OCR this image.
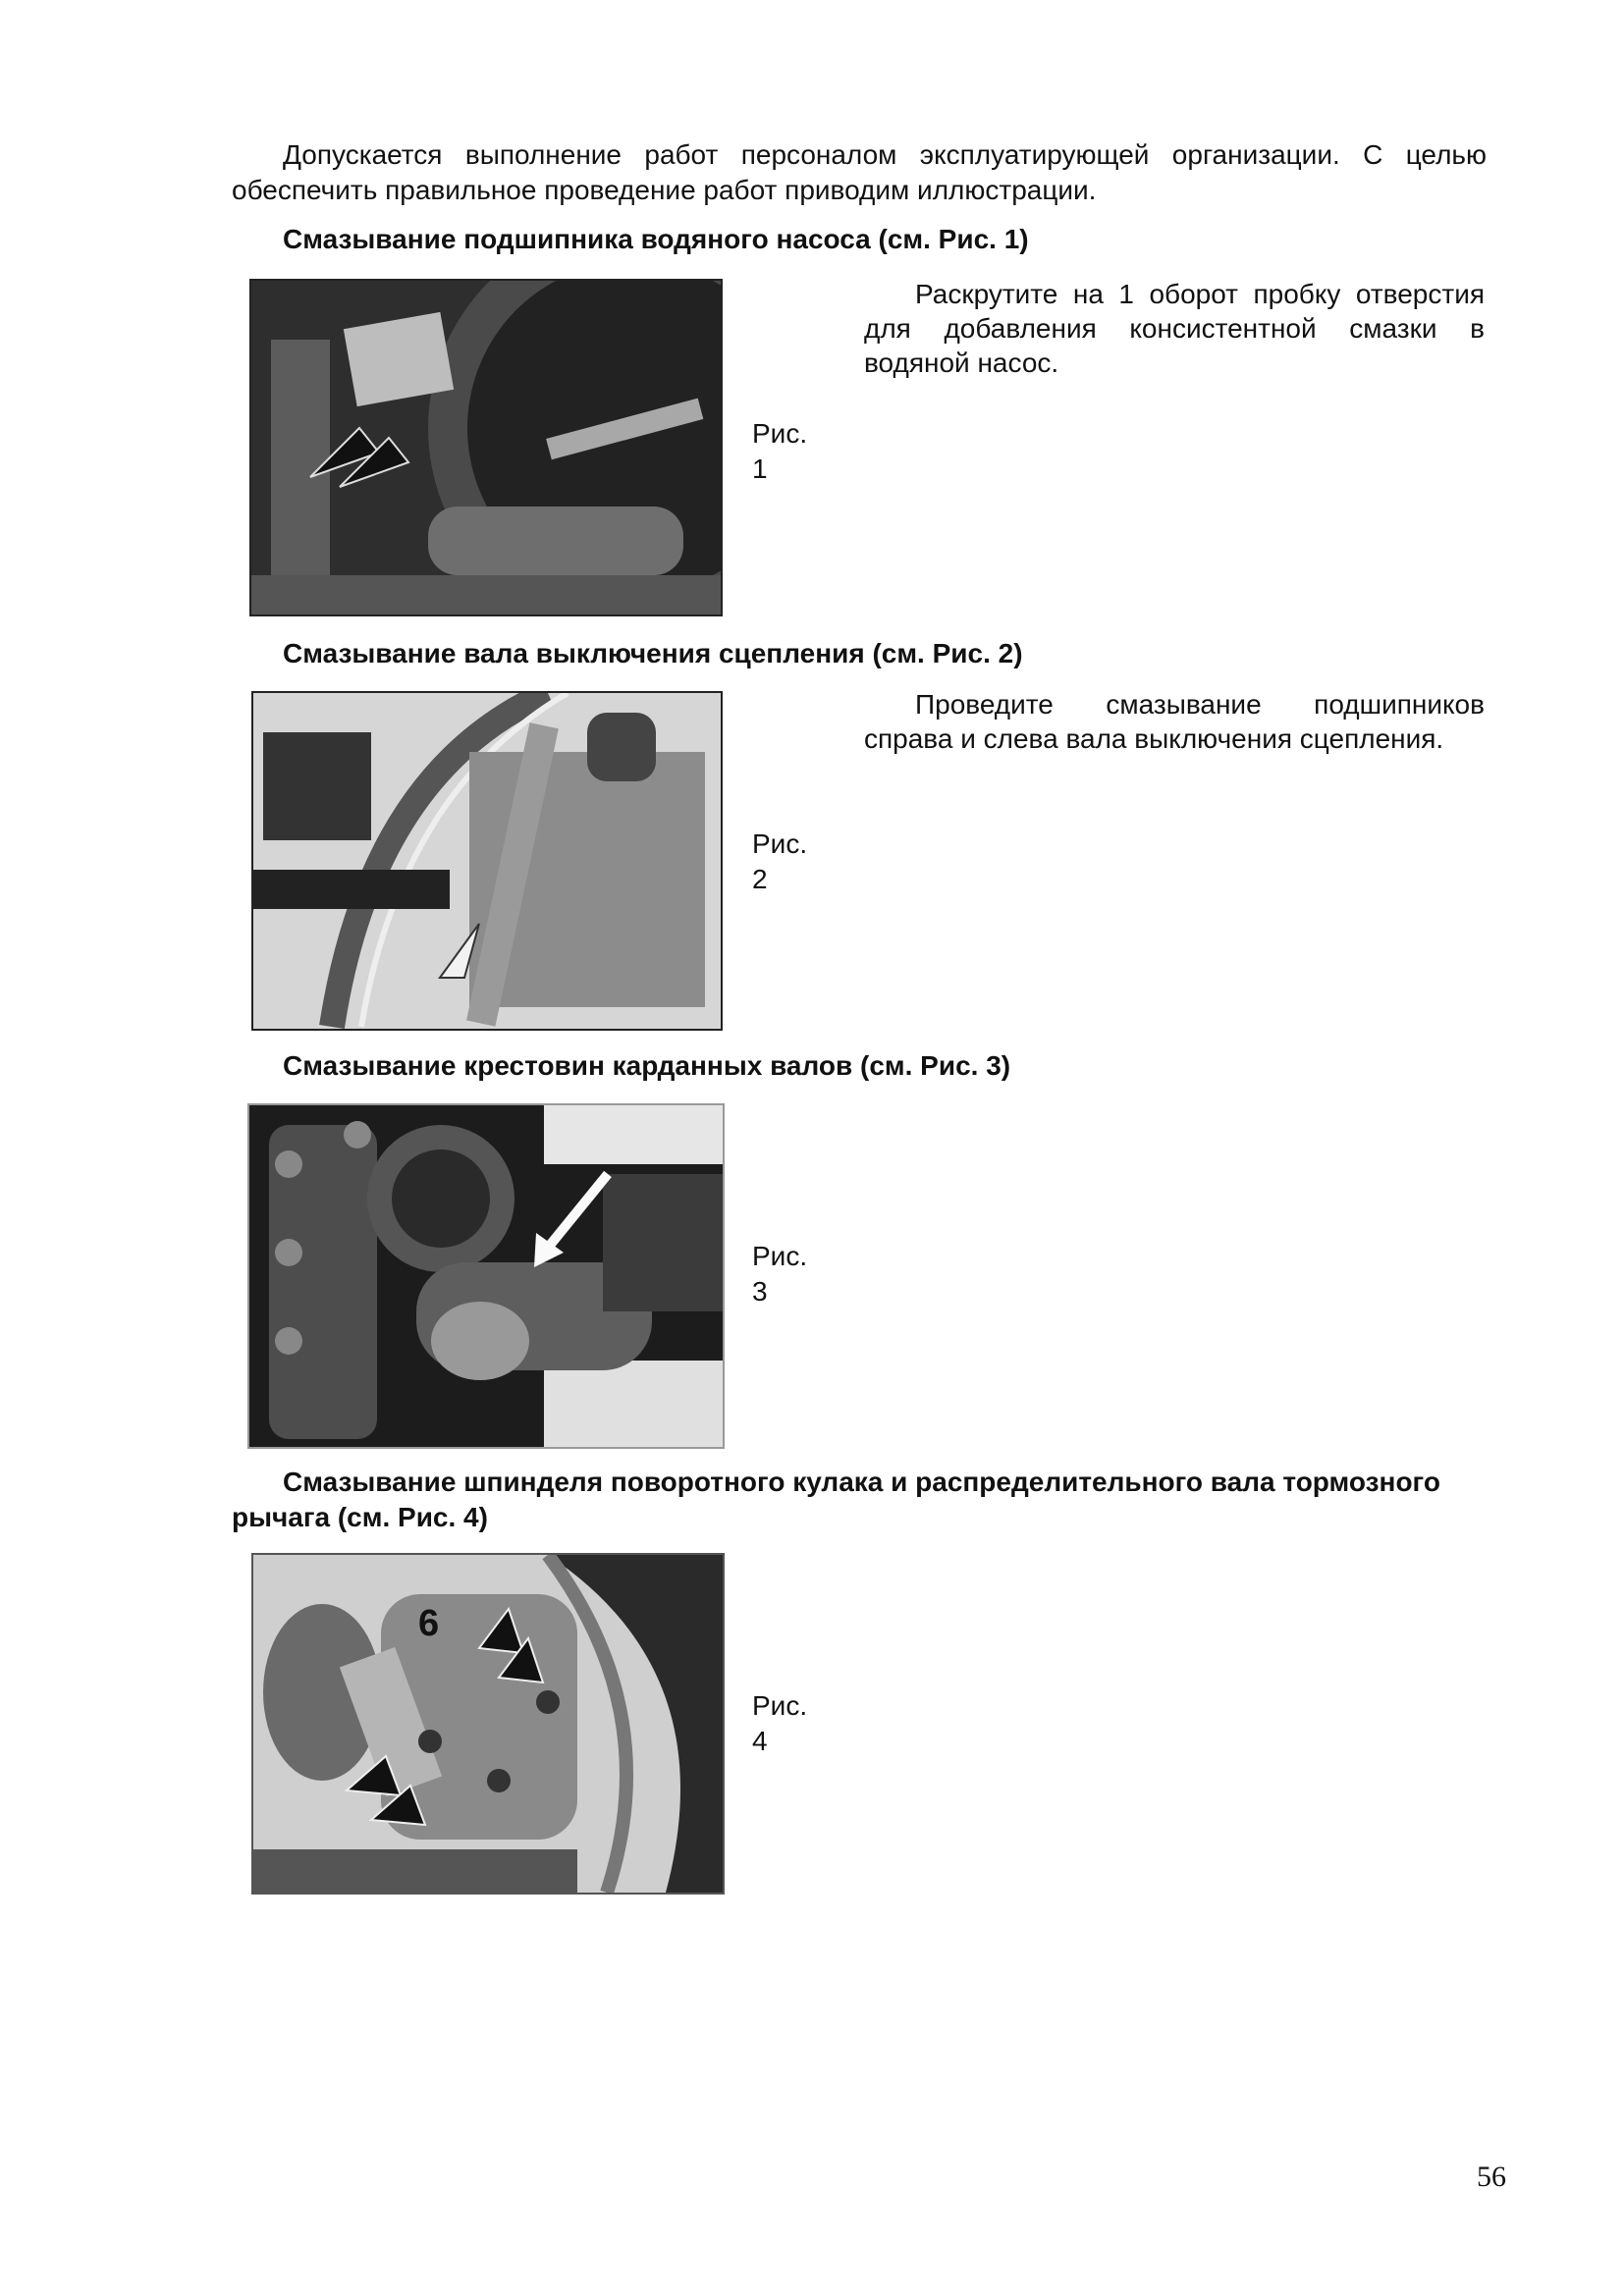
Допускается выполнение работ персоналом эксплуатирующей организации. С целью обеспечить правильное проведение работ приводим иллюстрации.

Смазывание подшипника водяного насоса (см. Рис. 1)

Раскрутите на 1 оборот пробку отверстия для добавления консистентной смазки в водяной насос.

Рис.
1

Смазывание вала выключения сцепления (см. Рис. 2)

Проведите смазывание подшипников справа и слева вала выключения сцепления.

Рис.
2

Смазывание крестовин карданных валов (см. Рис. 3)

Рис.
3

Смазывание шпинделя поворотного кулака и распределительного вала тормозного рычага (см. Рис. 4)

6

Рис.
4

56
